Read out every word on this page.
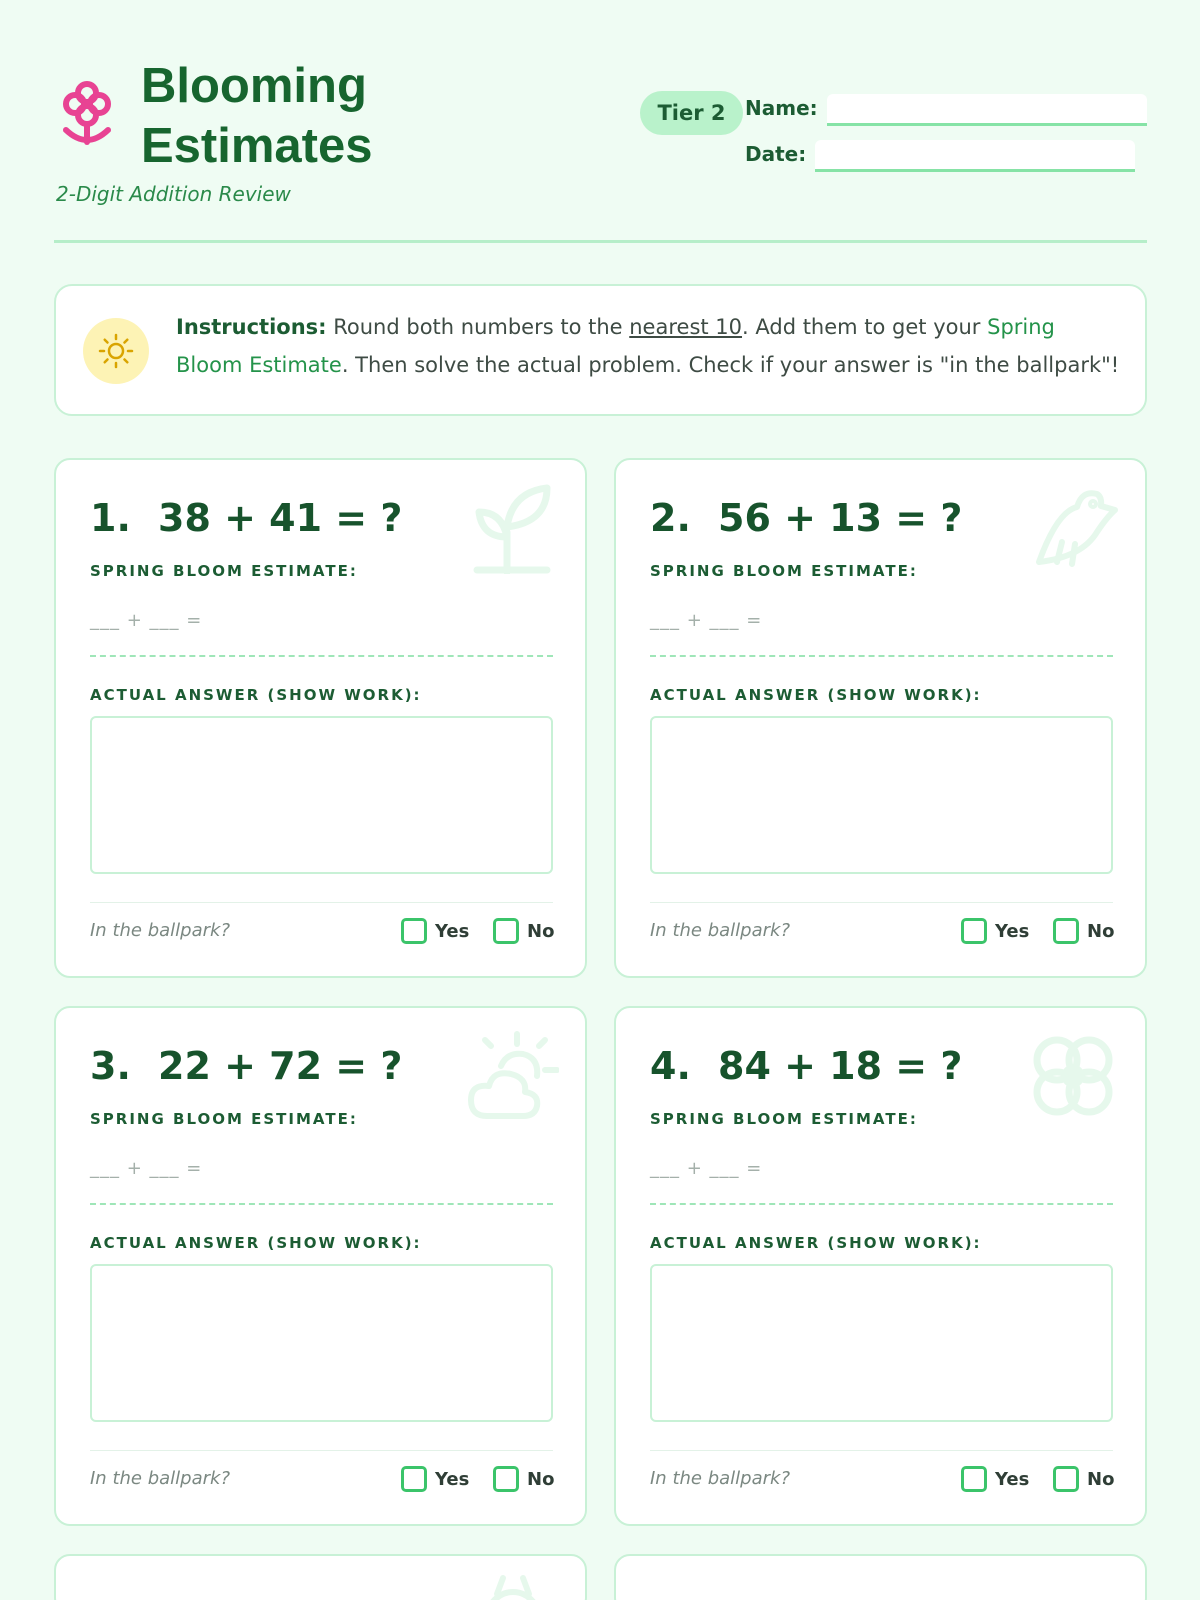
Blooming
Estimates
2-Digit Addition Review
Tier 2 Name:
Date:
Instructions: Round both numbers to the nearest 10. Add them to get your Spring Bloom Estimate. Then solve the actual problem. Check if your answer is "in the ballpark"!
1. 38 + 41 = ?
SPRING BLOOM ESTIMATE:
___ + ___ =
ACTUAL ANSWER (SHOW WORK):
In the ballpark?	Yes	No
2. 56 + 13 = ?
SPRING BLOOM ESTIMATE:
___ + ___ =
ACTUAL ANSWER (SHOW WORK):
In the ballpark?	Yes	No
3. 22 + 72 = ?
SPRING BLOOM ESTIMATE:
___ + ___ =
ACTUAL ANSWER (SHOW WORK):
In the ballpark?	Yes	No
4. 84 + 18 = ?
SPRING BLOOM ESTIMATE:
___ + ___ =
ACTUAL ANSWER (SHOW WORK):
In the ballpark?	Yes	No
